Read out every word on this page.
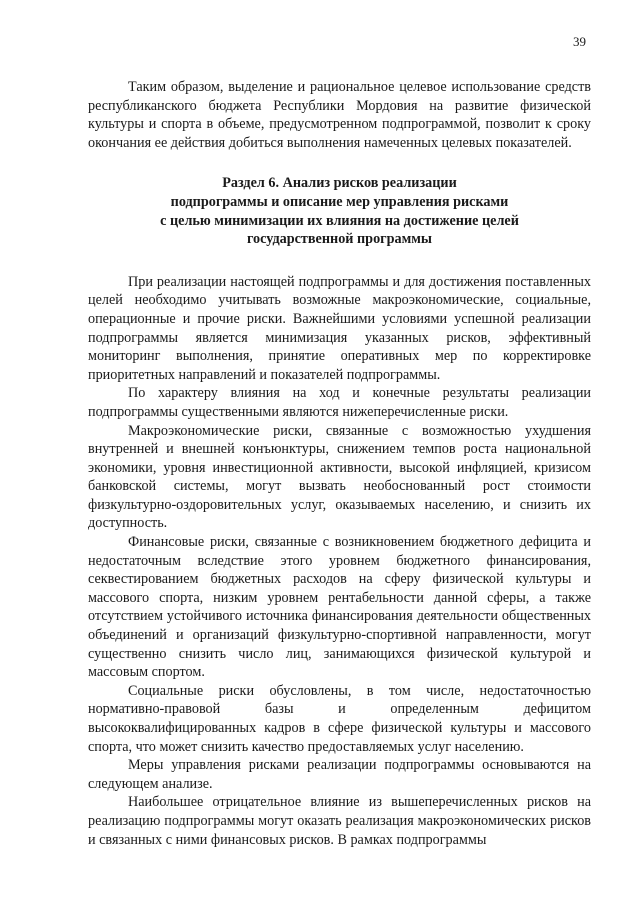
39

Таким образом, выделение и рациональное целевое использование средств республиканского бюджета Республики Мордовия на развитие физической культуры и спорта в объеме, предусмотренном подпрограммой, позволит к сроку окончания ее действия добиться выполнения намеченных целевых показателей.

Раздел 6. Анализ рисков реализации
подпрограммы и описание мер управления рисками
с целью минимизации их влияния на достижение целей
государственной программы

При реализации настоящей подпрограммы и для достижения поставленных целей необходимо учитывать возможные макроэкономические, социальные, операционные и прочие риски. Важнейшими условиями успешной реализации подпрограммы является минимизация указанных рисков, эффективный мониторинг выполнения, принятие оперативных мер по корректировке приоритетных направлений и показателей подпрограммы.

По характеру влияния на ход и конечные результаты реализации подпрограммы существенными являются нижеперечисленные риски.

Макроэкономические риски, связанные с возможностью ухудшения внутренней и внешней конъюнктуры, снижением темпов роста национальной экономики, уровня инвестиционной активности, высокой инфляцией, кризисом банковской системы, могут вызвать необоснованный рост стоимости физкультурно-оздоровительных услуг, оказываемых населению, и снизить их доступность.

Финансовые риски, связанные с возникновением бюджетного дефицита и недостаточным вследствие этого уровнем бюджетного финансирования, секвестированием бюджетных расходов на сферу физической культуры и массового спорта, низким уровнем рентабельности данной сферы, а также отсутствием устойчивого источника финансирования деятельности общественных объединений и организаций физкультурно-спортивной направленности, могут существенно снизить число лиц, занимающихся физической культурой и массовым спортом.

Социальные риски обусловлены, в том числе, недостаточностью нормативно-правовой базы и определенным дефицитом высококвалифицированных кадров в сфере физической культуры и массового спорта, что может снизить качество предоставляемых услуг населению.

Меры управления рисками реализации подпрограммы основываются на следующем анализе.

Наибольшее отрицательное влияние из вышеперечисленных рисков на реализацию подпрограммы могут оказать реализация макроэкономических рисков и связанных с ними финансовых рисков. В рамках подпрограммы
